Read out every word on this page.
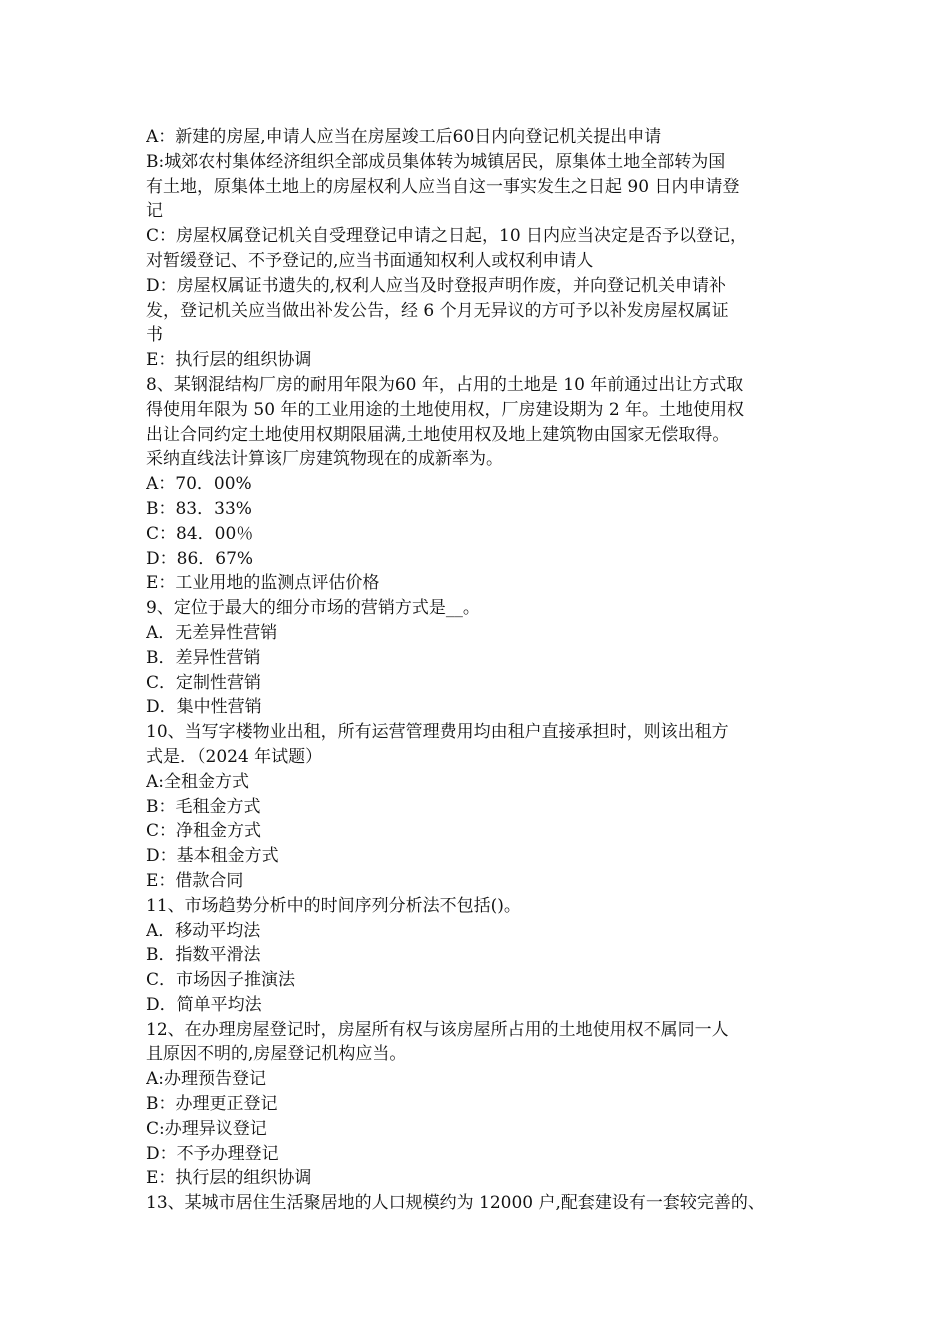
A：新建的房屋,申请人应当在房屋竣工后60日内向登记机关提出申请
B:城郊农村集体经济组织全部成员集体转为城镇居民，原集体土地全部转为国
有土地，原集体土地上的房屋权利人应当自这一事实发生之日起 90 日内申请登
记
C：房屋权属登记机关自受理登记申请之日起，10 日内应当决定是否予以登记，
对暂缓登记、不予登记的,应当书面通知权利人或权利申请人
D：房屋权属证书遗失的,权利人应当及时登报声明作废，并向登记机关申请补
发，登记机关应当做出补发公告，经 6 个月无异议的方可予以补发房屋权属证
书
E：执行层的组织协调
8、某钢混结构厂房的耐用年限为60 年，占用的土地是 10 年前通过出让方式取
得使用年限为 50 年的工业用途的土地使用权，厂房建设期为 2 年。土地使用权
出让合同约定土地使用权期限届满,土地使用权及地上建筑物由国家无偿取得。
采纳直线法计算该厂房建筑物现在的成新率为。
A：70．00%
B：83．33%
C：84．00％
D：86．67%
E：工业用地的监测点评估价格
9、定位于最大的细分市场的营销方式是__。
A．无差异性营销
B．差异性营销
C．定制性营销
D．集中性营销
10、当写字楼物业出租，所有运营管理费用均由租户直接承担时，则该出租方
式是．（2024 年试题）
A:全租金方式
B：毛租金方式
C：净租金方式
D：基本租金方式
E：借款合同
11、市场趋势分析中的时间序列分析法不包括()。
A．移动平均法
B．指数平滑法
C．市场因子推演法
D．简单平均法
12、在办理房屋登记时，房屋所有权与该房屋所占用的土地使用权不属同一人
且原因不明的,房屋登记机构应当。
A:办理预告登记
B：办理更正登记
C:办理异议登记
D：不予办理登记
E：执行层的组织协调
13、某城市居住生活聚居地的人口规模约为 12000 户,配套建设有一套较完善的、
